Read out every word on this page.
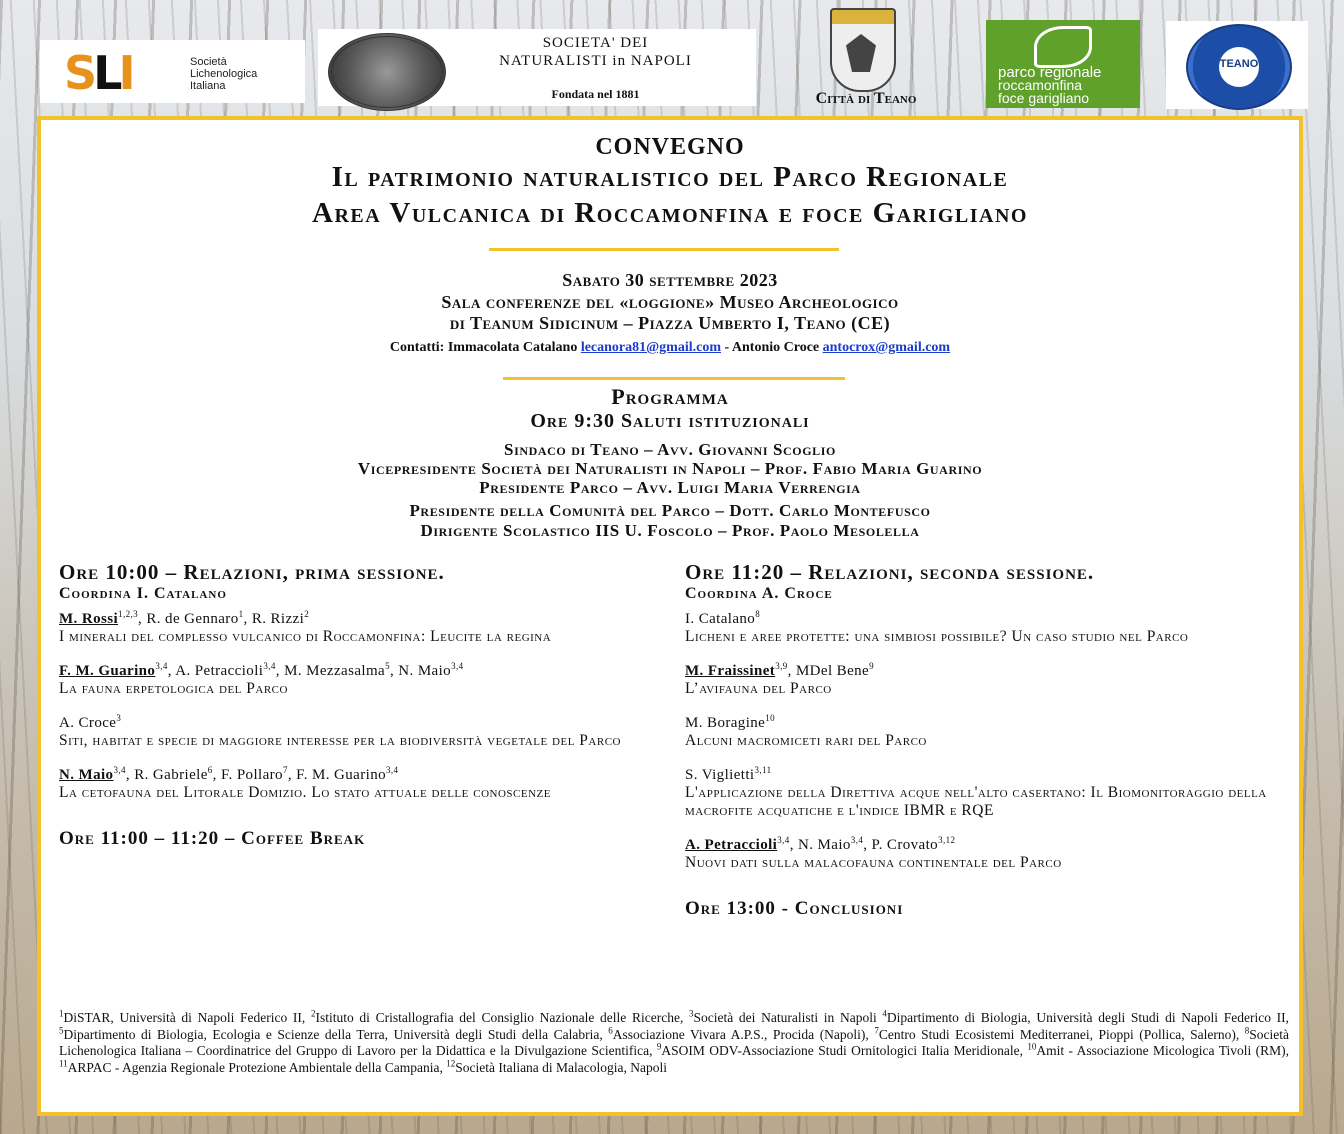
SLI	Società
Lichenologica
Italiana
SOCIETA' DEI
NATURALISTI in NAPOLI
Fondata nel 1881	Città di Teano
parco regionale
roccamonfina
foce garigliano
TEANO
CONVEGNO
Il patrimonio naturalistico del Parco Regionale
Area Vulcanica di Roccamonfina e foce Garigliano
Sabato 30 settembre 2023
Sala conferenze del «loggione» Museo Archeologico
di Teanum Sidicinum – Piazza Umberto I, Teano (CE)
Contatti: Immacolata Catalano lecanora81@gmail.com - Antonio Croce antocrox@gmail.com
Programma
Ore 9:30 Saluti istituzionali
Sindaco di Teano – Avv. Giovanni Scoglio
Vicepresidente Società dei Naturalisti in Napoli – Prof. Fabio Maria Guarino
Presidente Parco – Avv. Luigi Maria Verrengia
Presidente della Comunità del Parco – Dott. Carlo Montefusco
Dirigente Scolastico IIS U. Foscolo – Prof. Paolo Mesolella
Ore 10:00 – Relazioni, prima sessione.
Coordina I. Catalano
M. Rossi$^{1,2,3}$, R. de Gennaro$^1$, R. Rizzi$^2$
I minerali del complesso vulcanico di Roccamonfina: Leucite la regina
F. M. Guarino$^{3,4}$, A. Petraccioli$^{3,4}$, M. Mezzasalma$^5$, N. Maio$^{3,4}$
La fauna erpetologica del Parco
A. Croce$^3$
Siti, habitat e specie di maggiore interesse per la biodiversità vegetale del Parco
N. Maio$^{3,4}$, R. Gabriele$^6$, F. Pollaro$^7$, F. M. Guarino$^{3,4}$
La cetofauna del Litorale Domizio. Lo stato attuale delle conoscenze
Ore 11:00 – 11:20 – Coffee Break
Ore 11:20 – Relazioni, seconda sessione.
Coordina A. Croce
I. Catalano$^8$
Licheni e aree protette: una simbiosi possibile? Un caso studio nel Parco
M. Fraissinet$^{3,9}$, MDel Bene$^9$
L’avifauna del Parco
M. Boragine$^{10}$
Alcuni macromiceti rari del Parco
S. Viglietti$^{3,11}$
L'applicazione della Direttiva acque nell'alto casertano: Il Biomonitoraggio della macrofite acquatiche e l'indice IBMR e RQE
A. Petraccioli$^{3,4}$, N. Maio$^{3,4}$, P. Crovato$^{3,12}$
Nuovi dati sulla malacofauna continentale del Parco
Ore 13:00 - Conclusioni
$^1$DiSTAR, Università di Napoli Federico II, $^2$Istituto di Cristallografia del Consiglio Nazionale delle Ricerche, $^3$Società dei Naturalisti in Napoli $^4$Dipartimento di Biologia, Università degli Studi di Napoli Federico II, $^5$Dipartimento di Biologia, Ecologia e Scienze della Terra, Università degli Studi della Calabria, $^6$Associazione Vivara A.P.S., Procida (Napoli), $^7$Centro Studi Ecosistemi Mediterranei, Pioppi (Pollica, Salerno), $^8$Società Lichenologica Italiana – Coordinatrice del Gruppo di Lavoro per la Didattica e la Divulgazione Scientifica, $^9$ASOIM ODV-Associazione Studi Ornitologici Italia Meridionale, $^{10}$Amit - Associazione Micologica Tivoli (RM), $^{11}$ARPAC - Agenzia Regionale Protezione Ambientale della Campania, $^{12}$Società Italiana di Malacologia, Napoli
